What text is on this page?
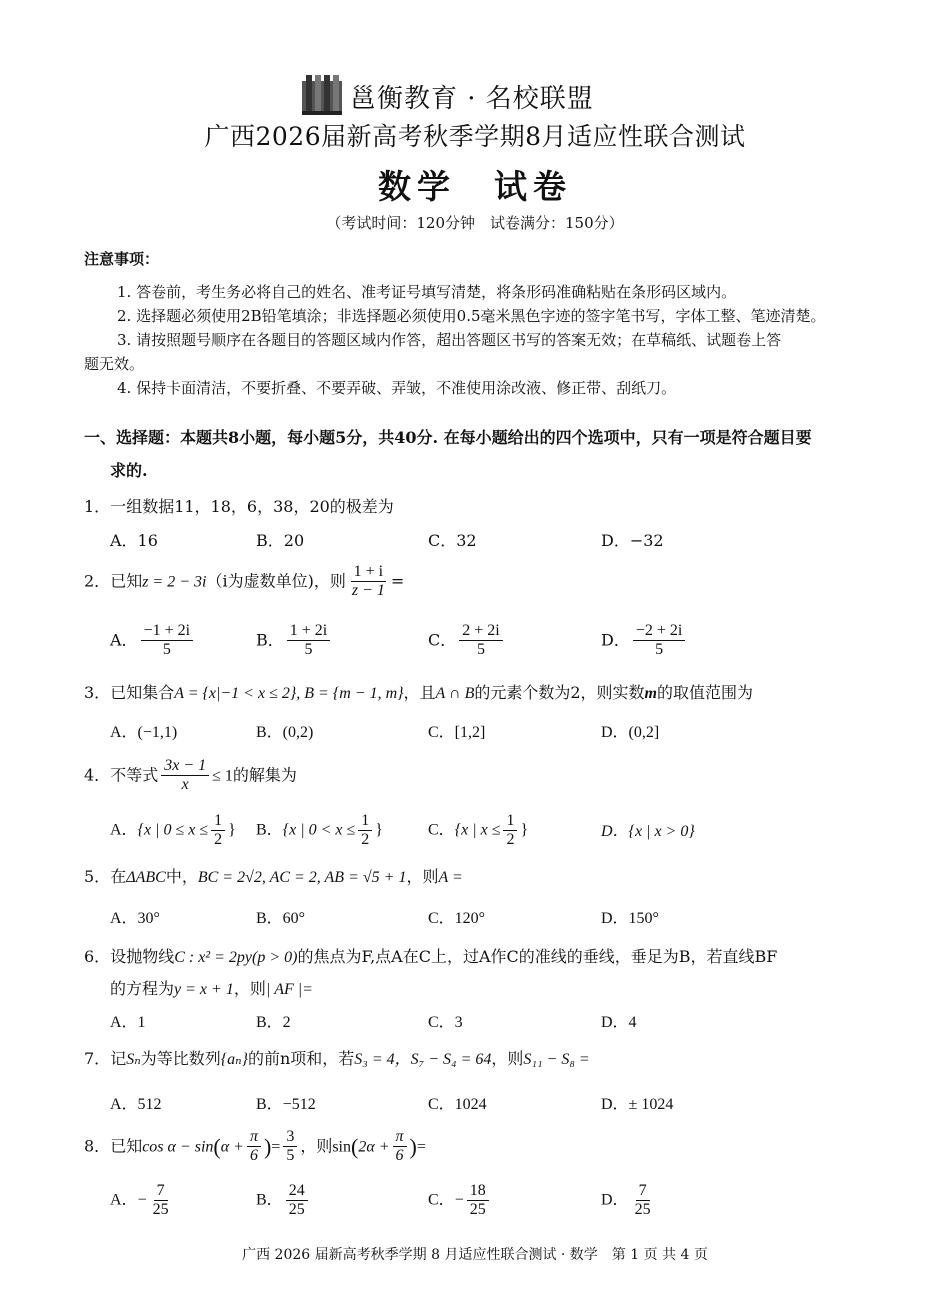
邕衡教育 · 名校联盟
广西2026届新高考秋季学期8月适应性联合测试
数学 试卷
（考试时间：120分钟　试卷满分：150分）
注意事项：
1. 答卷前，考生务必将自己的姓名、准考证号填写清楚，将条形码准确粘贴在条形码区域内。
2. 选择题必须使用2B铅笔填涂；非选择题必须使用0.5毫米黑色字迹的签字笔书写，字体工整、笔迹清楚。
3. 请按照题号顺序在各题目的答题区域内作答，超出答题区书写的答案无效；在草稿纸、试题卷上答
题无效。
4. 保持卡面清洁，不要折叠、不要弄破、弄皱，不准使用涂改液、修正带、刮纸刀。
一、选择题：本题共8小题，每小题5分，共40分. 在每小题给出的四个选项中，只有一项是符合题目要
求的.
1．一组数据11，18，6，38，20的极差为
A．16	B．20	C．32	D．−32
2．已知z = 2 − 3i（i为虚数单位)，则 $\frac{1 + i}{z - 1}$ =
A． $\frac{-1 + 2i}{5}$	B． $\frac{1 + 2i}{5}$	C． $\frac{2 + 2i}{5}$	D． $\frac{-2 + 2i}{5}$
3．已知集合A = {x|−1 < x ≤ 2}, B = {m − 1, m}，且A ∩ B的元素个数为2，则实数m的取值范围为
A．(−1,1)	B．(0,2)	C．[1,2]	D．(0,2]
4．不等式 $\frac{3x - 1}{x} \le 1$的解集为
A．{x | $0 \le x \le \frac{1}{2}$ } B．{x | $0 < x \le \frac{1}{2}$ }	C．{x | $x \le \frac{1}{2}$ }	D．{x | x > 0}
5．在ΔABC中，BC = 2√2, AC = 2, AB = √5 + 1，则A =
A．30°	B．60°	C．120°	D．150°
6．设抛物线C : x² = 2py(p > 0)的焦点为F,点A在C上，过A作C的准线的垂线，垂足为B，若直线BF
的方程为y = x + 1，则| AF |=
A．1	B．2	C．3	D．4
7．记Sₙ为等比数列{aₙ}的前n项和，若S₃ = 4，S₇ − S₄ = 64，则S₁₁ − S₈ =
A．512	B．−512	C．1024	D．± 1024
8．已知$\cos \alpha - \sin(\alpha + \frac{\pi}{6}$ )= $\frac{3}{5}$ ，则$\sin(2\alpha + \frac{\pi}{6}$ )=
A．− $\frac{7}{25}$	B． $\frac{24}{25}$	C．− $\frac{18}{25}$	D． $\frac{7}{25}$
广西 2026 届新高考秋季学期 8 月适应性联合测试 · 数学　第 1 页 共 4 页
